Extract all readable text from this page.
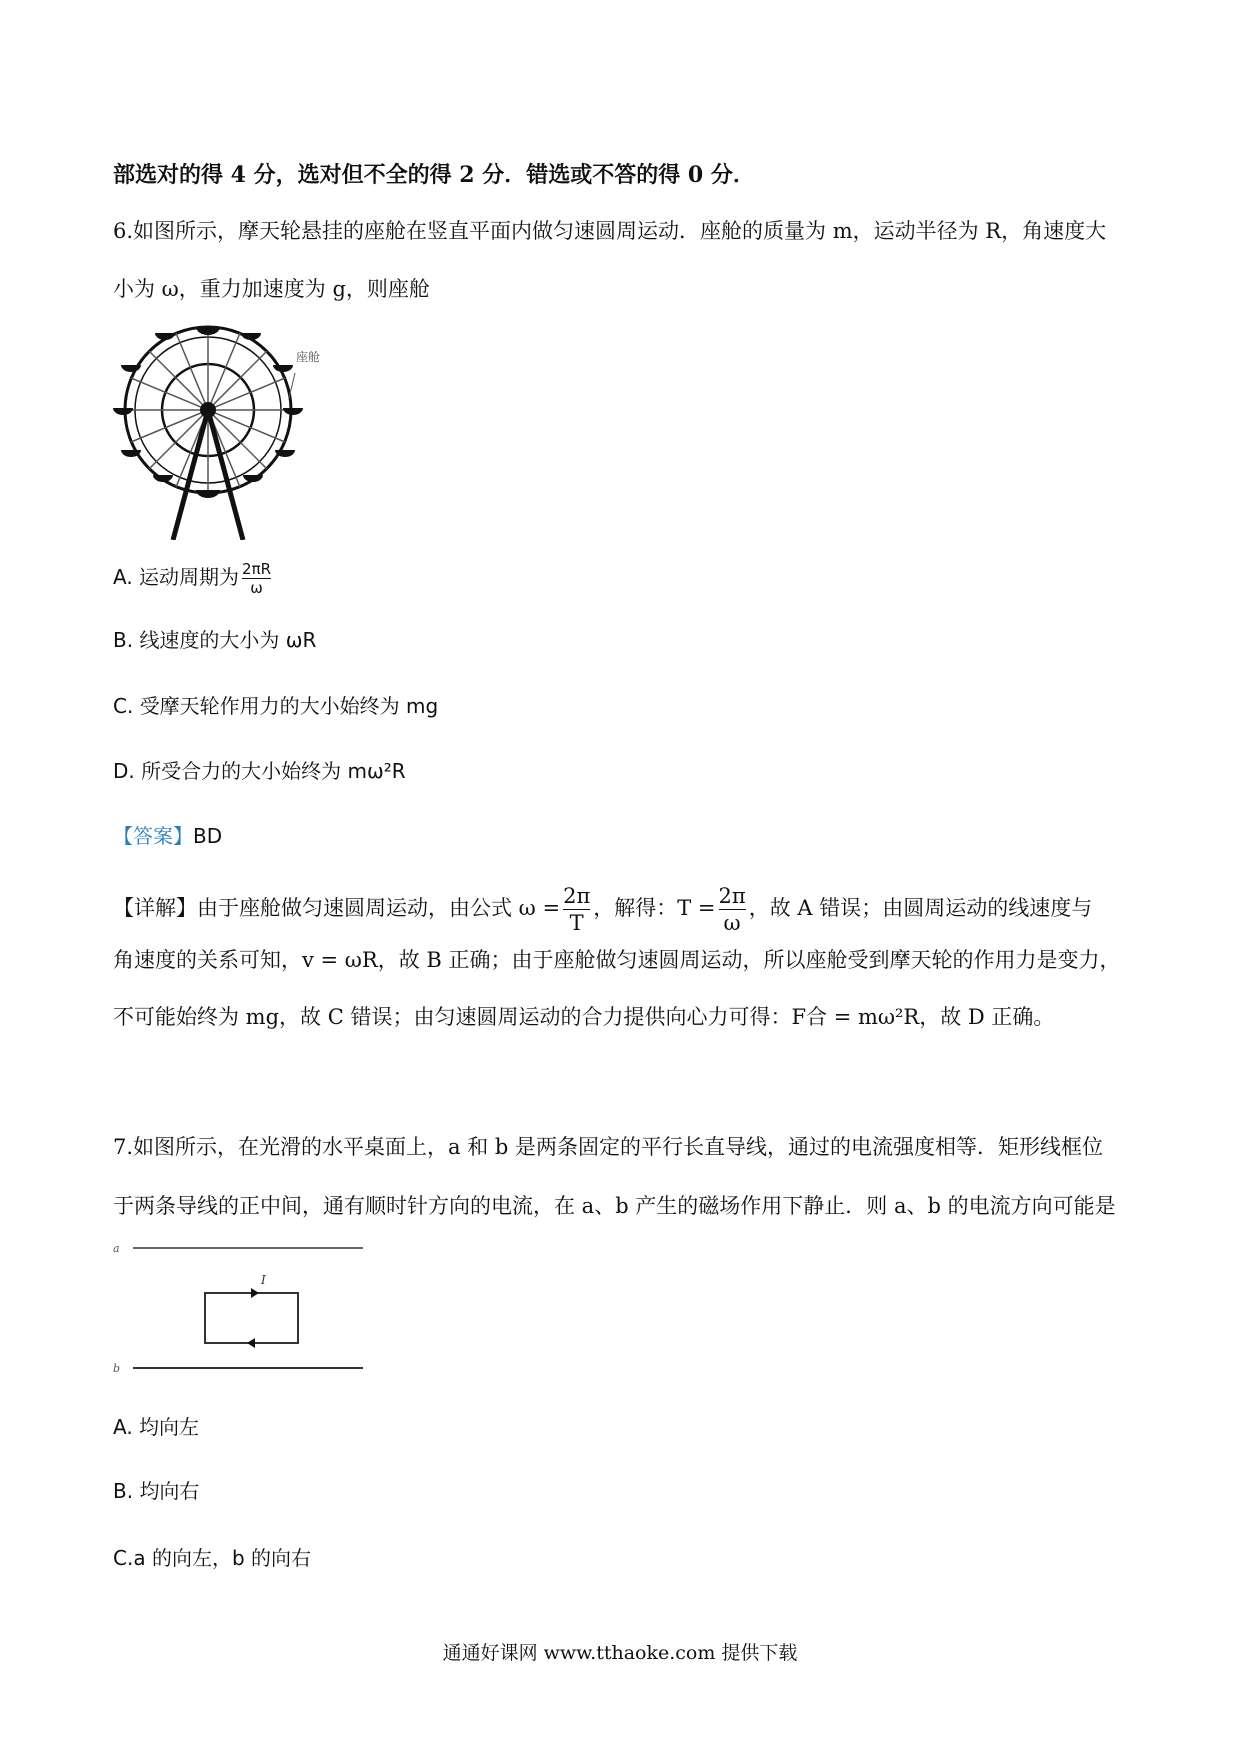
部选对的得 4 分，选对但不全的得 2 分．错选或不答的得 0 分．
6.如图所示，摩天轮悬挂的座舱在竖直平面内做匀速圆周运动．座舱的质量为 m，运动半径为 R，角速度大
小为 ω，重力加速度为 g，则座舱
座舱
A. 运动周期为 $\frac{2\pi R}{\omega}$
B. 线速度的大小为 ωR
C. 受摩天轮作用力的大小始终为 mg
D. 所受合力的大小始终为 mω²R
【答案】BD
【详解】由于座舱做匀速圆周运动，由公式 $\omega = \frac{2\pi}{T}$ ，解得：$T = \frac{2\pi}{\omega}$ ，故 A 错误；由圆周运动的线速度与
角速度的关系可知，v = ωR，故 B 正确；由于座舱做匀速圆周运动，所以座舱受到摩天轮的作用力是变力，
不可能始终为 mg，故 C 错误；由匀速圆周运动的合力提供向心力可得：F合 = mω²R，故 D 正确。
7.如图所示，在光滑的水平桌面上，a 和 b 是两条固定的平行长直导线，通过的电流强度相等．矩形线框位
于两条导线的正中间，通有顺时针方向的电流，在 a、b 产生的磁场作用下静止．则 a、b 的电流方向可能是
a
b
I
A. 均向左
B. 均向右
C.a 的向左，b 的向右
通通好课网 www.tthaoke.com 提供下载
